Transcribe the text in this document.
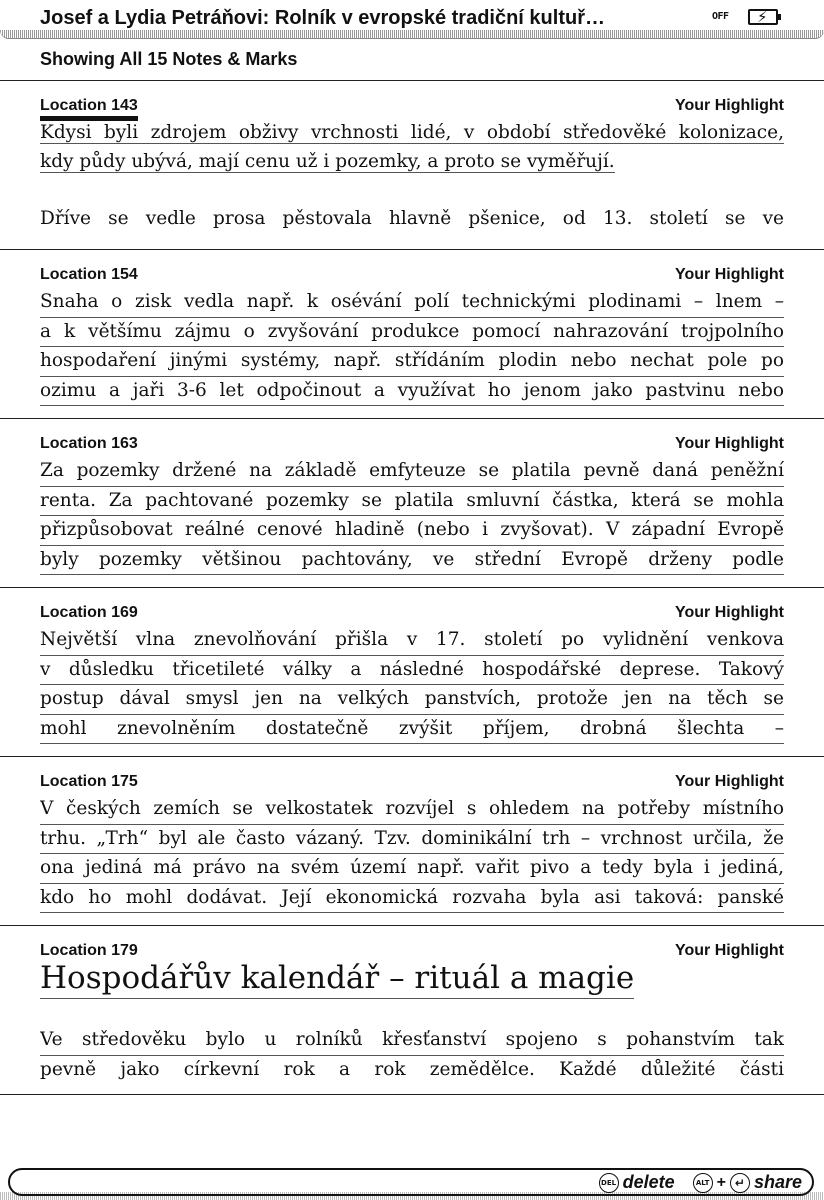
Josef a Lydia Petráňovi: Rolník v evropské tradiční kultuř…	OFF ⚡
Showing All 15 Notes & Marks
Location 143	Your Highlight
Kdysi byli zdrojem obživy vrchnosti lidé, v období středověké kolonizace,
kdy půdy ubývá, mají cenu už i pozemky, a proto se vyměřují.
Dříve se vedle prosa pěstovala hlavně pšenice, od 13. století se ve
Location 154	Your Highlight
Snaha o zisk vedla např. k osévání polí technickými plodinami – lnem –
a k většímu zájmu o zvyšování produkce pomocí nahrazování trojpolního
hospodaření jinými systémy, např. střídáním plodin nebo nechat pole po
ozimu a jaři 3-6 let odpočinout a využívat ho jenom jako pastvinu nebo
Location 163	Your Highlight
Za pozemky držené na základě emfyteuze se platila pevně daná peněžní
renta. Za pachtované pozemky se platila smluvní částka, která se mohla
přizpůsobovat reálné cenové hladině (nebo i zvyšovat). V západní Evropě
byly pozemky většinou pachtovány, ve střední Evropě drženy podle
Location 169	Your Highlight
Největší vlna znevolňování přišla v 17. století po vylidnění venkova
v důsledku třicetileté války a následné hospodářské deprese. Takový
postup dával smysl jen na velkých panstvích, protože jen na těch se
mohl znevolněním dostatečně zvýšit příjem, drobná šlechta –
Location 175	Your Highlight
V českých zemích se velkostatek rozvíjel s ohledem na potřeby místního
trhu. „Trh“ byl ale často vázaný. Tzv. dominikální trh – vrchnost určila, že
ona jediná má právo na svém území např. vařit pivo a tedy byla i jediná,
kdo ho mohl dodávat. Její ekonomická rozvaha byla asi taková: panské
Location 179	Your Highlight
Hospodářův kalendář – rituál a magie
Ve středověku bylo u rolníků křesťanství spojeno s pohanstvím tak
pevně jako církevní rok a rok zemědělce. Každé důležité části
DEL delete	ALT + ↵ share
